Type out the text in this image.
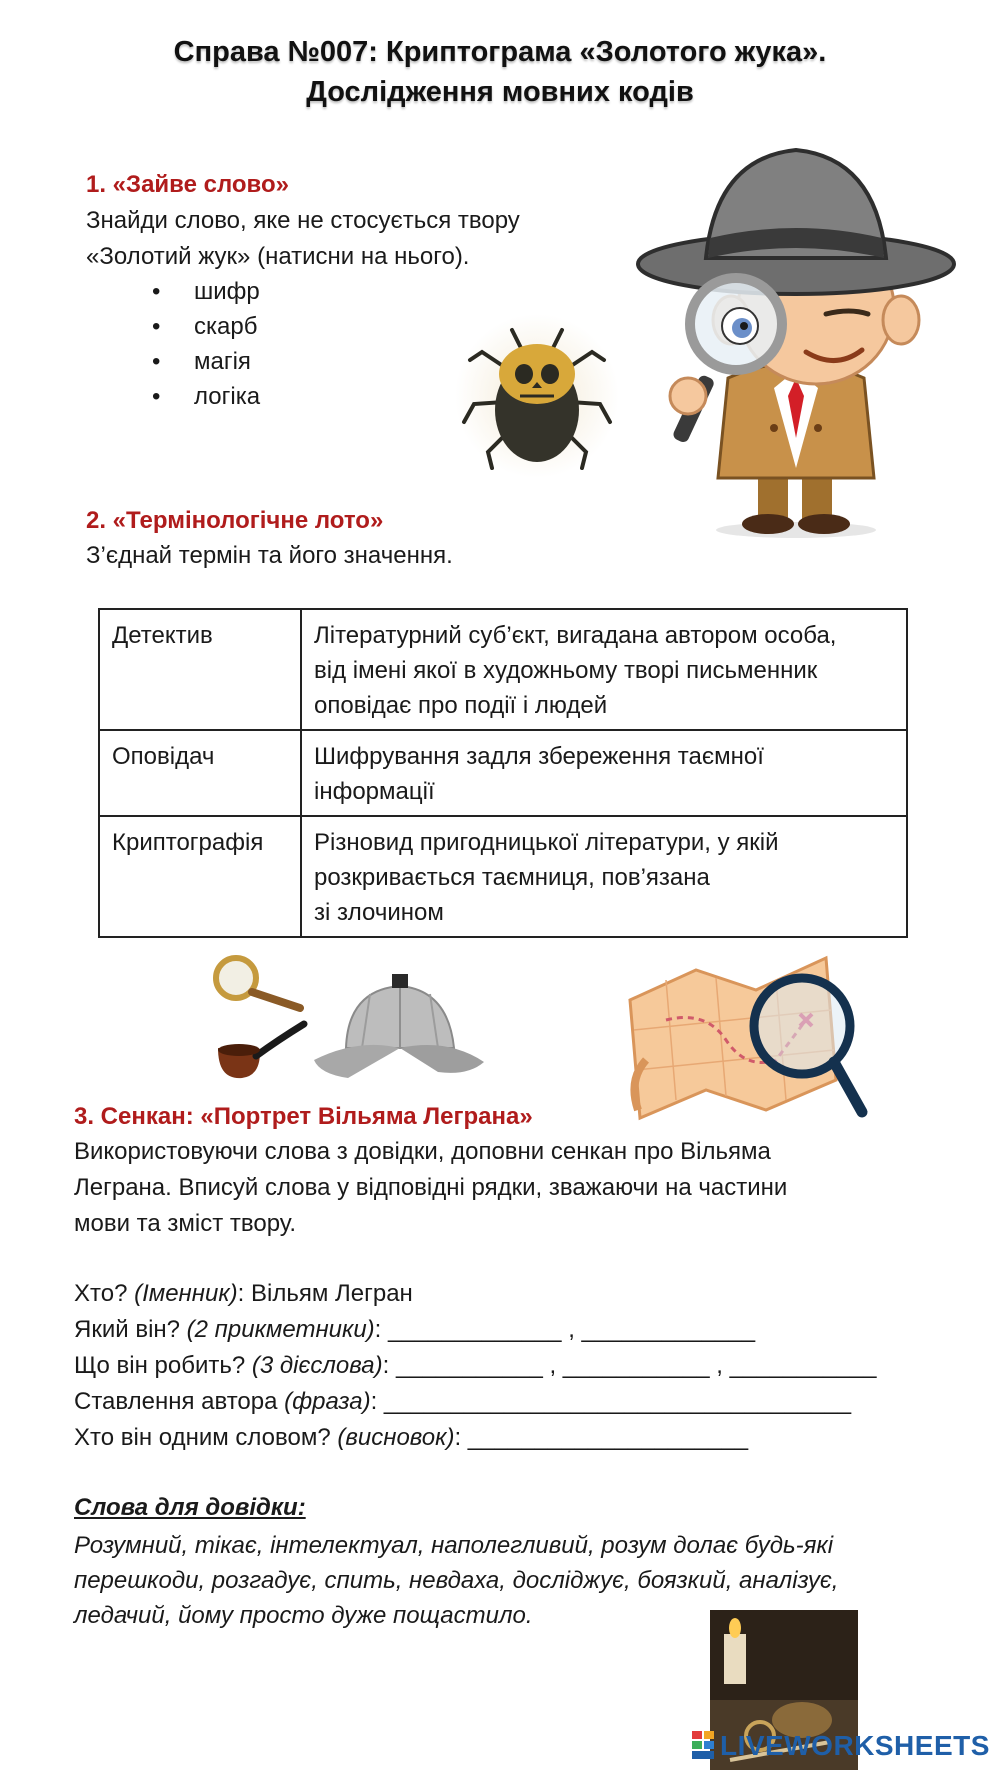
Справа №007: Криптограма «Золотого жука».
Дослідження мовних кодів
1. «Зайве слово»
Знайди слово, яке не стосується твору
«Золотий жук» (натисни на нього).
• шифр
• скарб
• магія
• логіка
2. «Термінологічне лото»
З’єднай термін та його значення.
Детектив	Літературний суб’єкт, вигадана автором особа,
від імені якої в художньому творі письменник
оповідає про події і людей

Оповідач	Шифрування задля збереження таємної
інформації

Криптографія	Різновид пригодницької літератури, у якій
розкривається таємниця, пов’язана
зі злочином
3. Сенкан: «Портрет Вільяма Леграна»
Використовуючи слова з довідки, доповни сенкан про Вільяма
Леграна. Вписуй слова у відповідні рядки, зважаючи на частини
мови та зміст твору.
Хто? (Іменник): Вільям Легран
Який він? (2 прикметники): _____________ , _____________
Що він робить? (3 дієслова): ___________ , ___________ , ___________
Ставлення автора (фраза): ___________________________________
Хто він одним словом? (висновок): _____________________
Слова для довідки:
Розумний, тікає, інтелектуал, наполегливий, розум долає будь-які
перешкоди, розгадує, спить, невдаха, досліджує, боязкий, аналізує,
ледачий, йому просто дуже пощастило.
LIVEWORKSHEETS
